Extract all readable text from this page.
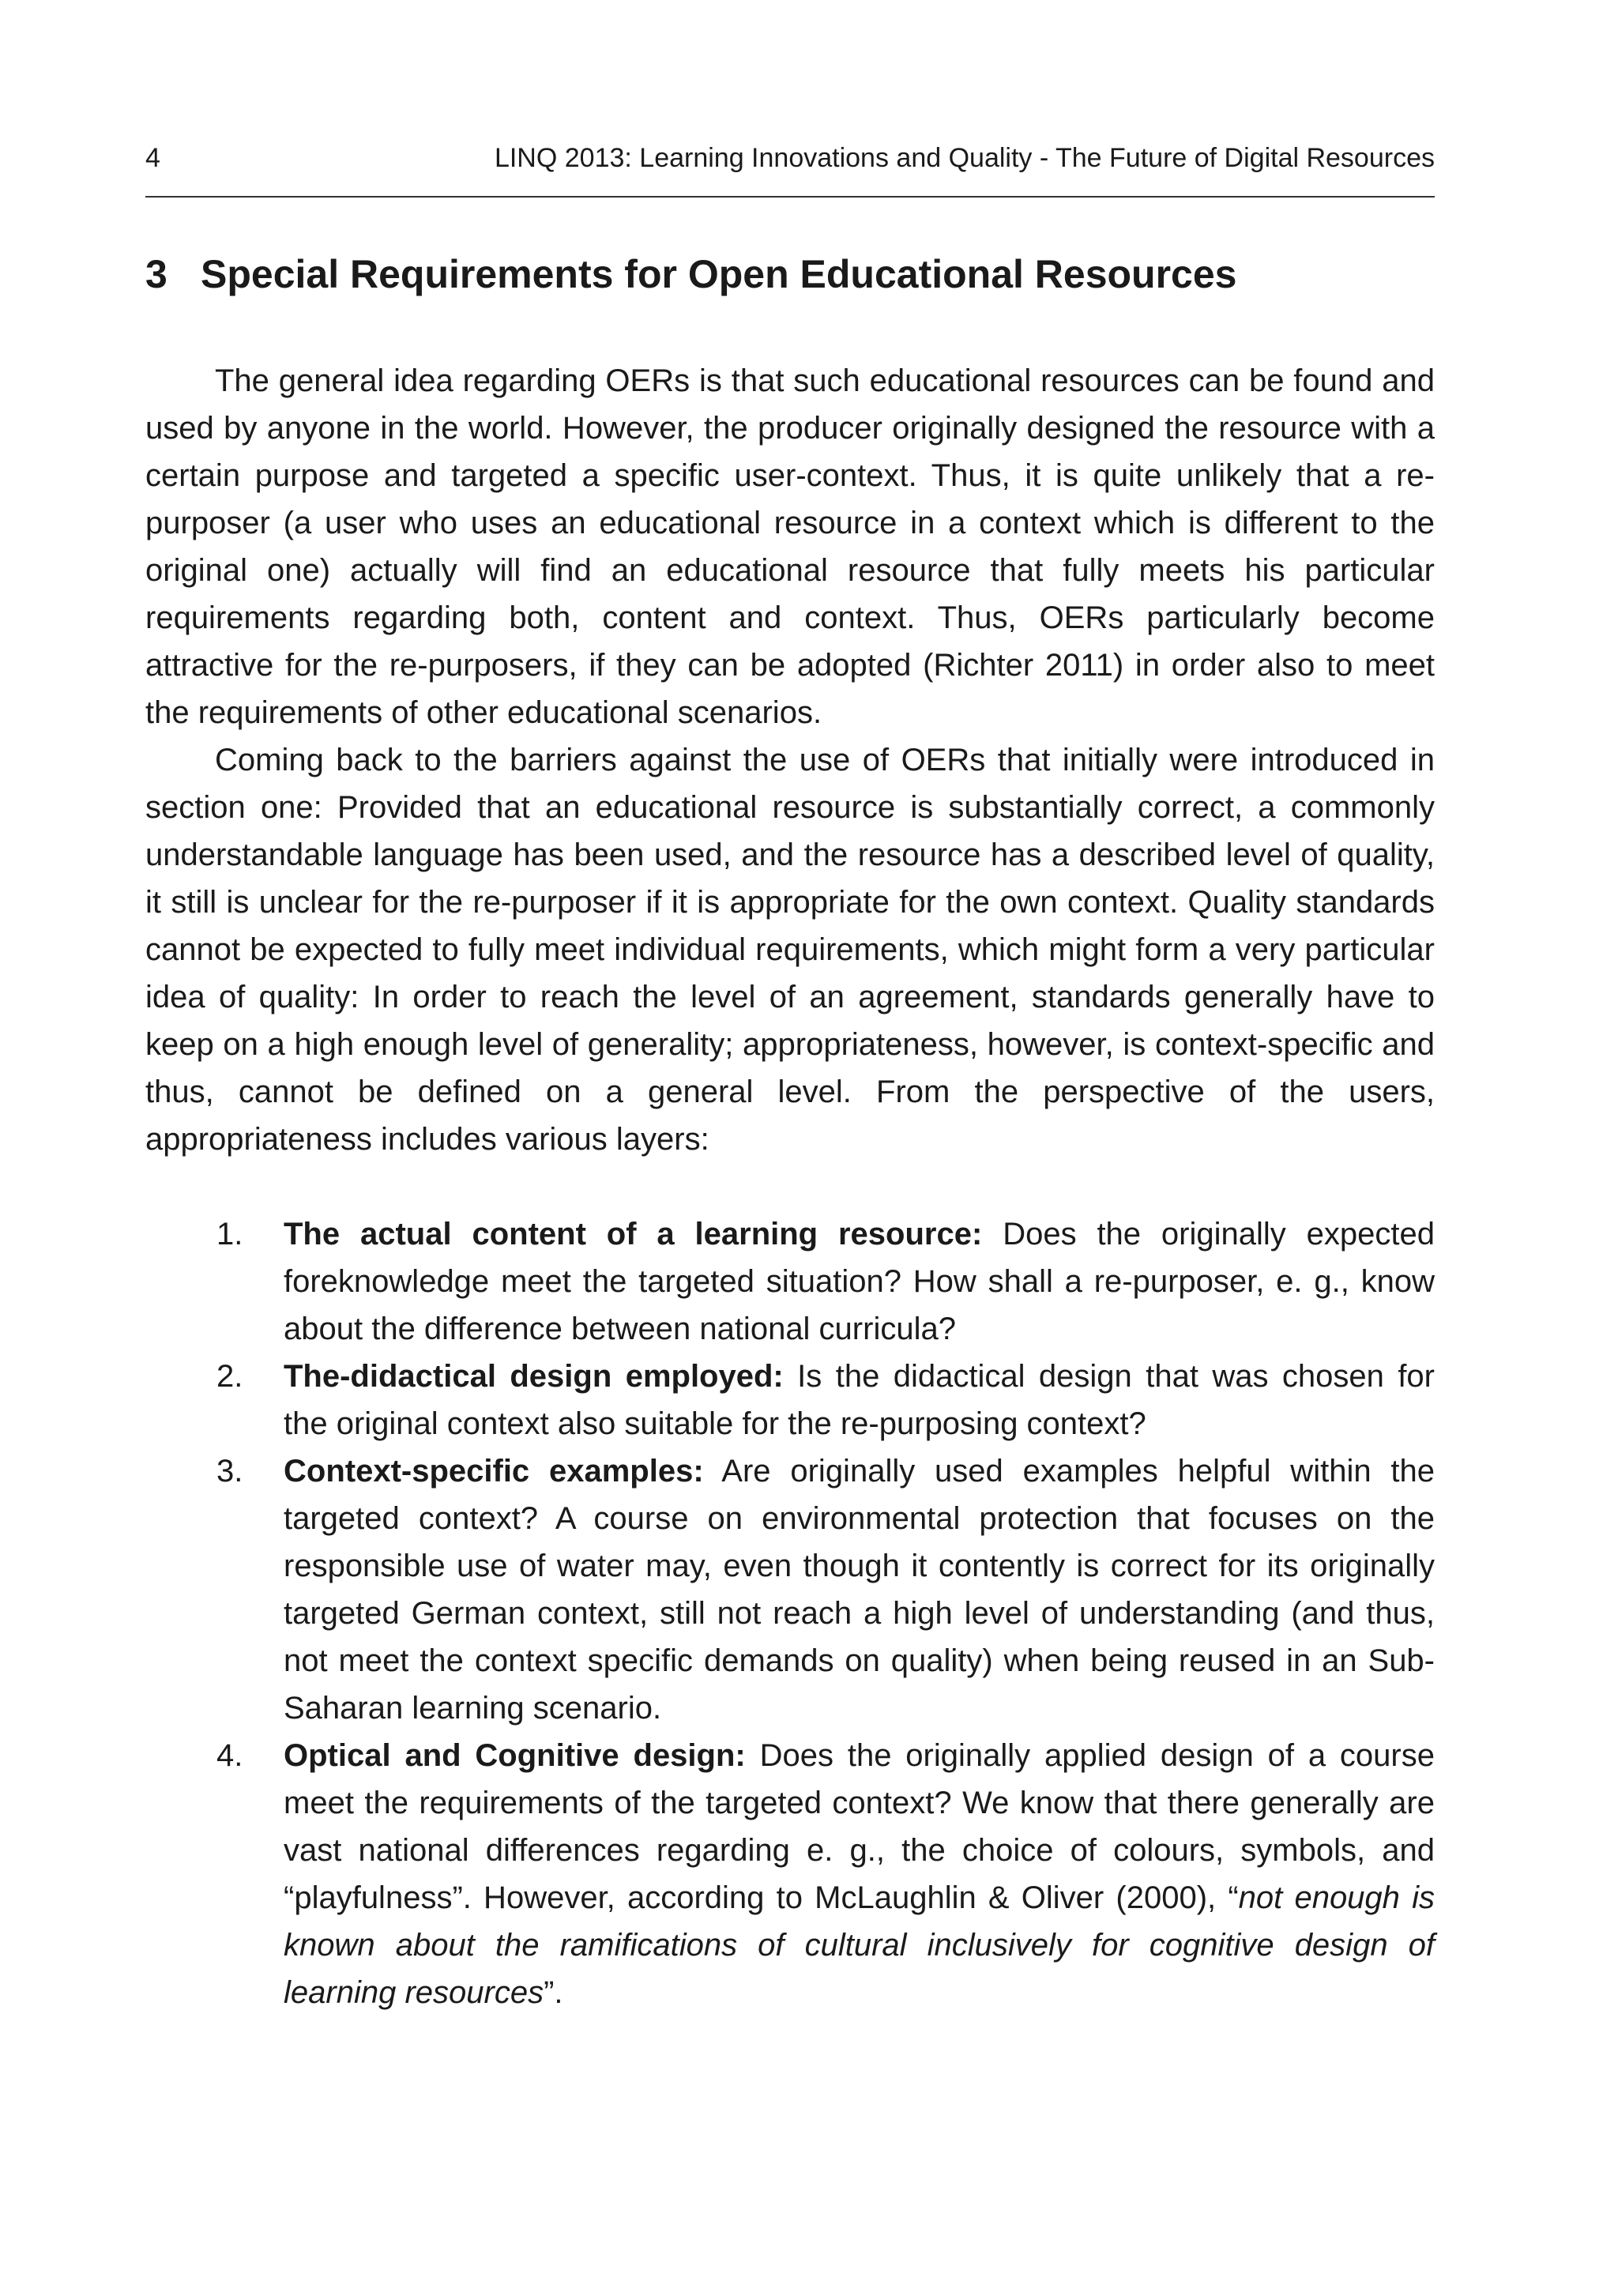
4	LINQ 2013: Learning Innovations and Quality - The Future of Digital Resources
3 Special Requirements for Open Educational Resources

The general idea regarding OERs is that such educational resources can be found and used by anyone in the world. However, the producer originally designed the resource with a certain purpose and targeted a specific user-context. Thus, it is quite unlikely that a re-purposer (a user who uses an educational resource in a context which is different to the original one) actually will find an educational resource that fully meets his particular requirements regarding both, content and context. Thus, OERs particularly become attractive for the re-purposers, if they can be adopted (Richter 2011) in order also to meet the requirements of other educational scenarios.

Coming back to the barriers against the use of OERs that initially were introduced in section one: Provided that an educational resource is substantially correct, a commonly understandable language has been used, and the resource has a described level of quality, it still is unclear for the re-purposer if it is appropriate for the own context. Quality standards cannot be expected to fully meet individual requirements, which might form a very particular idea of quality: In order to reach the level of an agreement, standards generally have to keep on a high enough level of generality; appropriateness, however, is context-specific and thus, cannot be defined on a general level. From the perspective of the users, appropriateness includes various layers:

1. The actual content of a learning resource: Does the originally expected foreknowledge meet the targeted situation? How shall a re-purposer, e. g., know about the difference between national curricula?
2. The-didactical design employed: Is the didactical design that was chosen for the original context also suitable for the re-purposing context?
3. Context-specific examples: Are originally used examples helpful within the targeted context? A course on environmental protection that focuses on the responsible use of water may, even though it contently is correct for its originally targeted German context, still not reach a high level of understanding (and thus, not meet the context specific demands on quality) when being reused in an Sub-Saharan learning scenario.
4. Optical and Cognitive design: Does the originally applied design of a course meet the requirements of the targeted context? We know that there generally are vast national differences regarding e. g., the choice of colours, symbols, and “playfulness”. However, according to McLaughlin & Oliver (2000), “not enough is known about the ramifications of cultural inclusively for cognitive design of learning resources”.
